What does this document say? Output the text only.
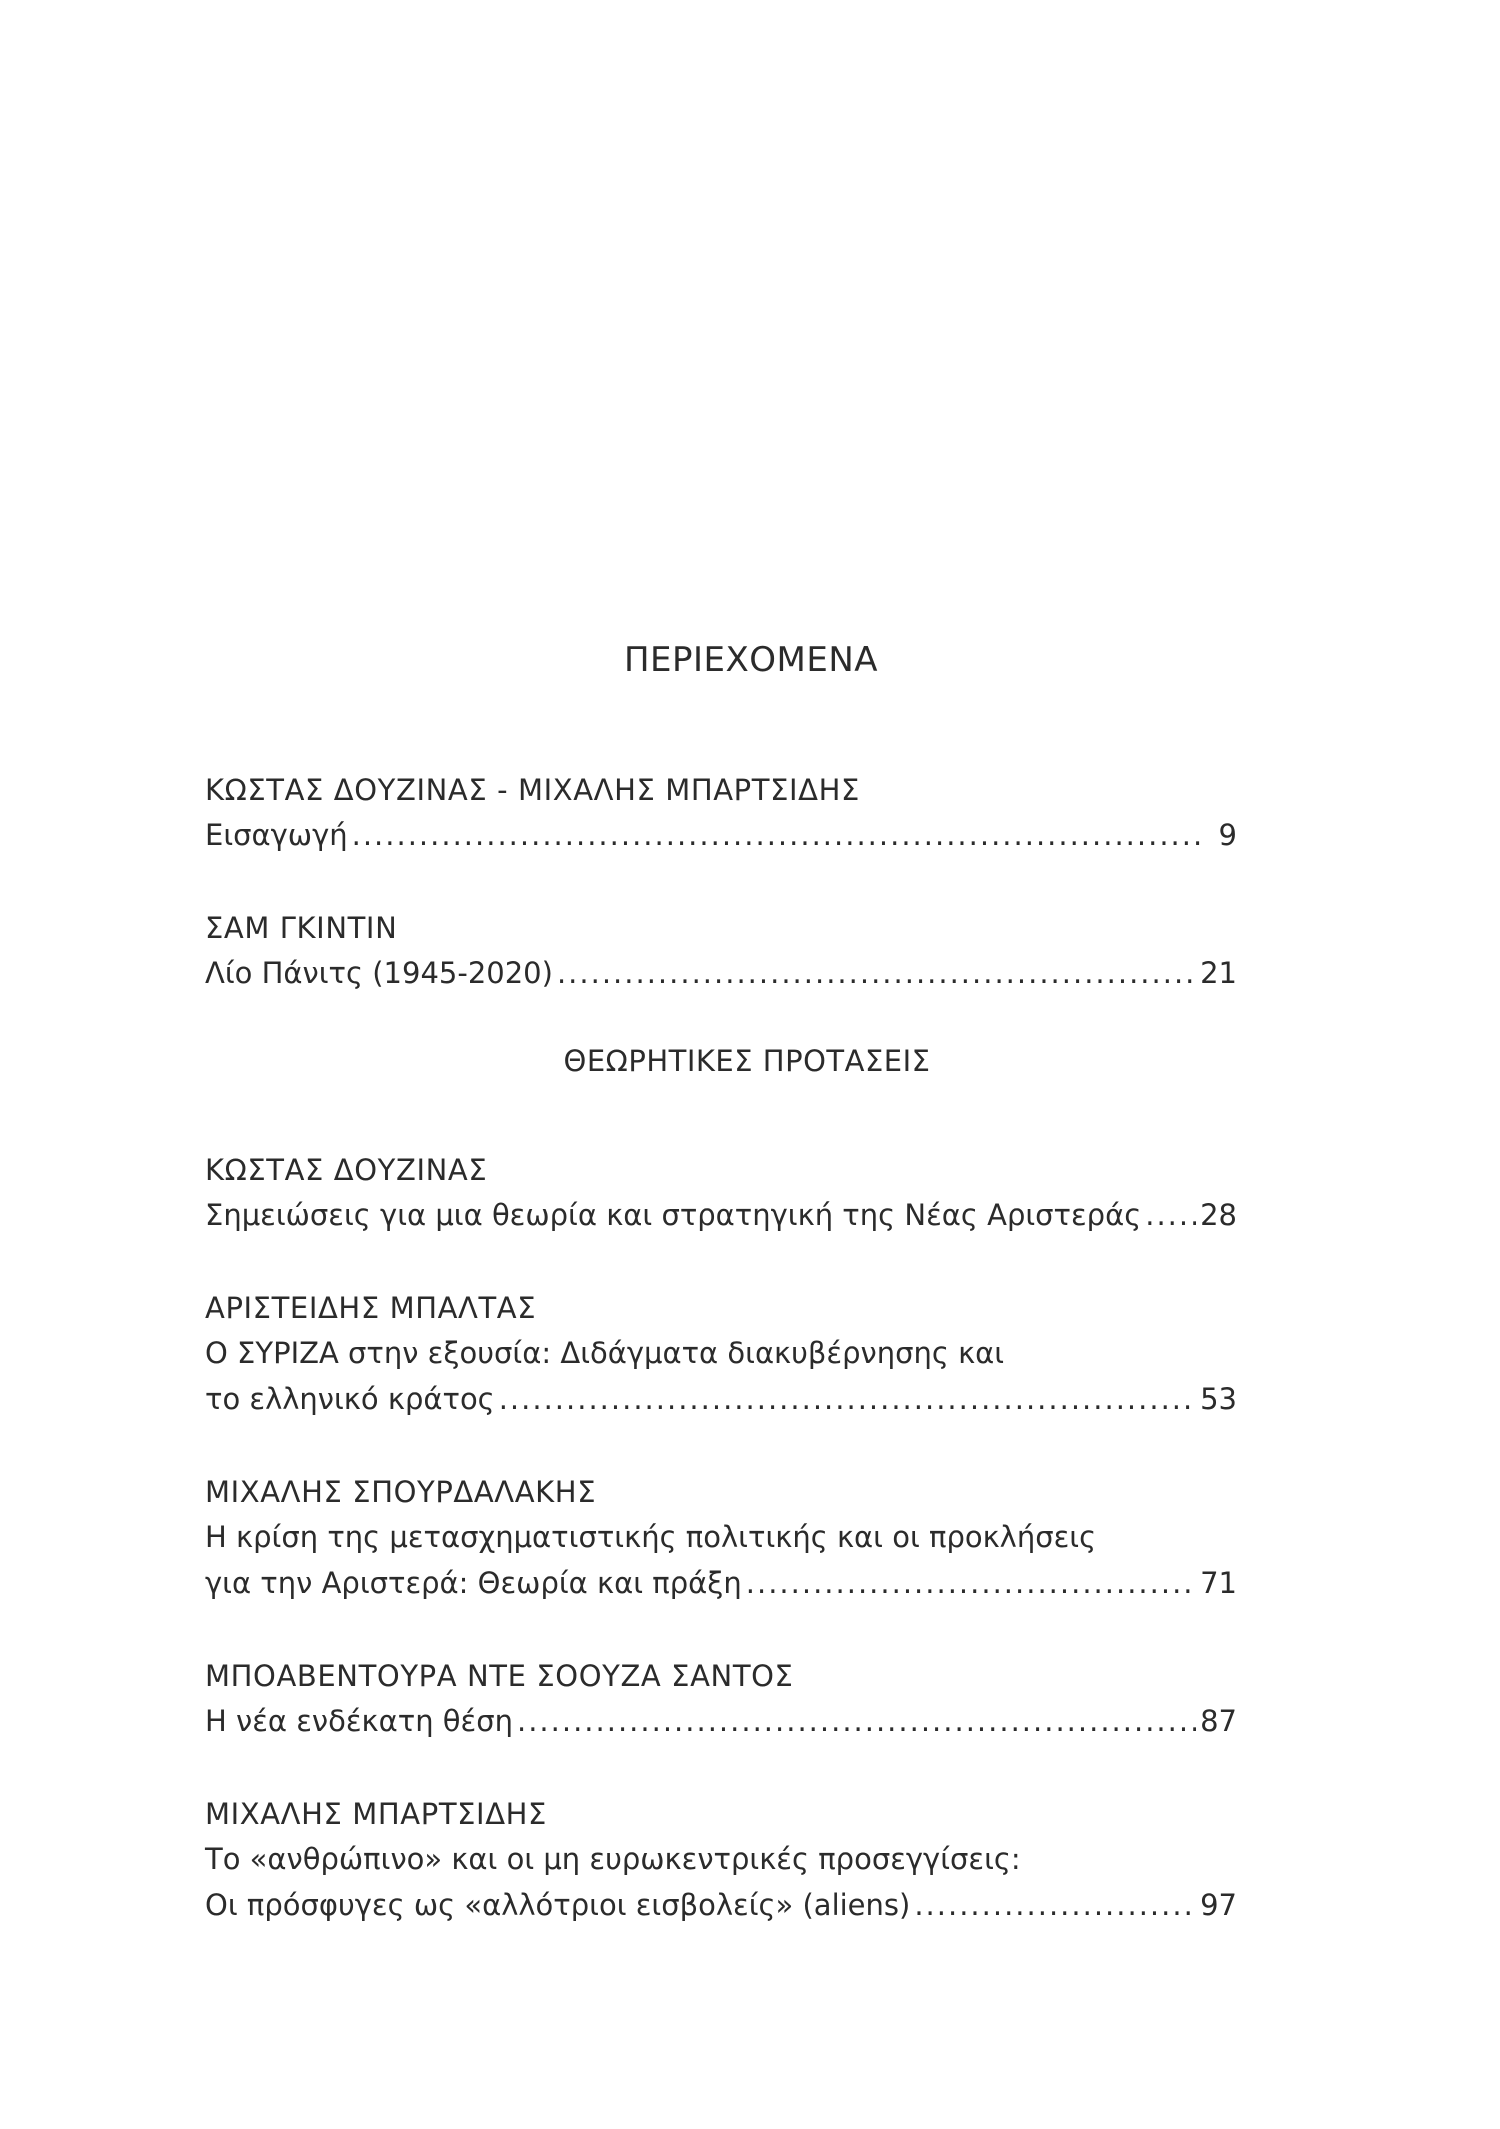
ΠΕΡΙΕΧΟΜΕΝΑ
ΚΩΣΤΑΣ ΔΟΥΖΙΝΑΣ - ΜΙΧΑΛΗΣ ΜΠΑΡΤΣΙΔΗΣ
Εισαγωγή .....	9
ΣΑΜ ΓΚΙΝΤΙΝ
Λίο Πάνιτς (1945-2020) .....	21
ΘΕΩΡΗΤΙΚΕΣ ΠΡΟΤΑΣΕΙΣ
ΚΩΣΤΑΣ ΔΟΥΖΙΝΑΣ
Σημειώσεις για μια θεωρία και στρατηγική της Νέας Αριστεράς ..... 28
ΑΡΙΣΤΕΙΔΗΣ ΜΠΑΛΤΑΣ
Ο ΣΥΡΙΖΑ στην εξουσία: Διδάγματα διακυβέρνησης και
το ελληνικό κράτος .....	53
ΜΙΧΑΛΗΣ ΣΠΟΥΡΔΑΛΑΚΗΣ
Η κρίση της μετασχηματιστικής πολιτικής και οι προκλήσεις
για την Αριστερά: Θεωρία και πράξη .....	71
ΜΠΟΑΒΕΝΤΟΥΡΑ ΝΤΕ ΣΟΟΥΖΑ ΣΑΝΤΟΣ
Η νέα ενδέκατη θέση .....	87
ΜΙΧΑΛΗΣ ΜΠΑΡΤΣΙΔΗΣ
Το «ανθρώπινο» και οι μη ευρωκεντρικές προσεγγίσεις:
Οι πρόσφυγες ως «αλλότριοι εισβολείς» (aliens) .....	97
